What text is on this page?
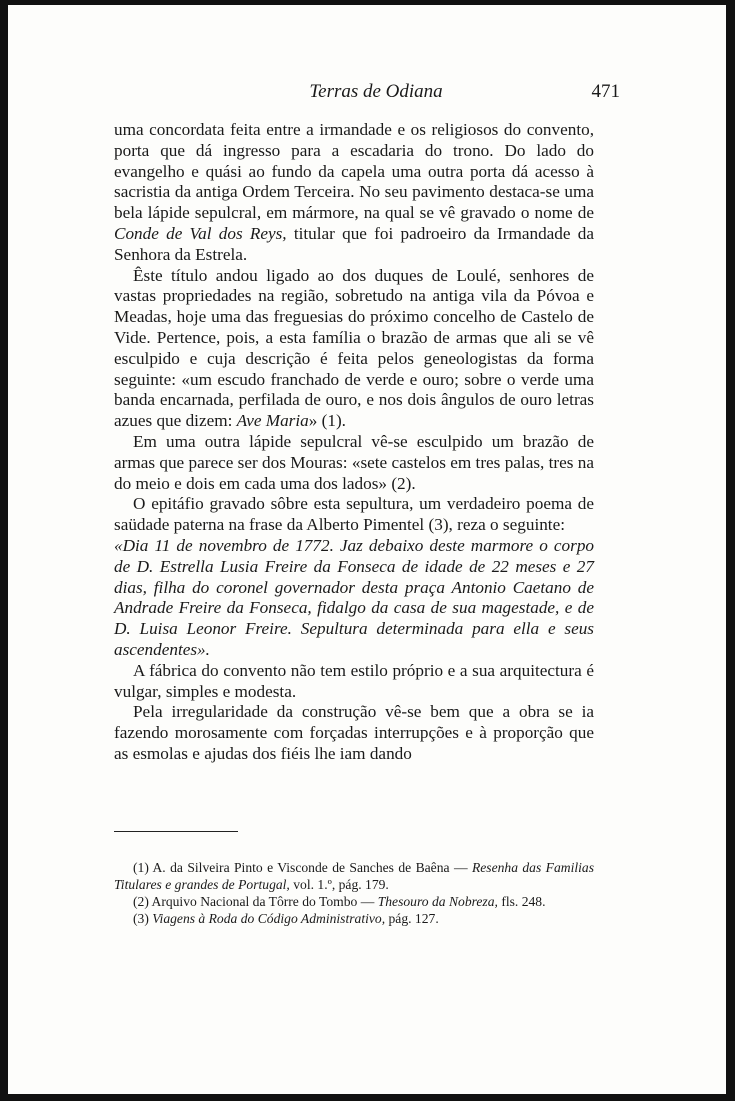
Terras de Odiana	471

uma concordata feita entre a irmandade e os religiosos do convento, porta que dá ingresso para a escadaria do trono. Do lado do evangelho e quási ao fundo da capela uma outra porta dá acesso à sacristia da antiga Ordem Terceira. No seu pavimento destaca-se uma bela lápide sepulcral, em mármore, na qual se vê gravado o nome de Conde de Val dos Reys, titular que foi padroeiro da Irmandade da Senhora da Estrela.

Êste título andou ligado ao dos duques de Loulé, senhores de vastas propriedades na região, sobretudo na antiga vila da Póvoa e Meadas, hoje uma das freguesias do próximo concelho de Castelo de Vide. Pertence, pois, a esta família o brazão de armas que ali se vê esculpido e cuja descrição é feita pelos geneologistas da forma seguinte: «um escudo franchado de verde e ouro; sobre o verde uma banda encarnada, perfilada de ouro, e nos dois ângulos de ouro letras azues que dizem: Ave Maria» (1).

Em uma outra lápide sepulcral vê-se esculpido um brazão de armas que parece ser dos Mouras: «sete castelos em tres palas, tres na do meio e dois em cada uma dos lados» (2).

O epitáfio gravado sôbre esta sepultura, um verdadeiro poema de saüdade paterna na frase da Alberto Pimentel (3), reza o seguinte:

«Dia 11 de novembro de 1772. Jaz debaixo deste marmore o corpo de D. Estrella Lusia Freire da Fonseca de idade de 22 meses e 27 dias, filha do coronel governador desta praça Antonio Caetano de Andrade Freire da Fonseca, fidalgo da casa de sua magestade, e de D. Luisa Leonor Freire. Sepultura determinada para ella e seus ascendentes».

A fábrica do convento não tem estilo próprio e a sua arquitectura é vulgar, simples e modesta.

Pela irregularidade da construção vê-se bem que a obra se ia fazendo morosamente com forçadas interrupções e à proporção que as esmolas e ajudas dos fiéis lhe iam dando

(1) A. da Silveira Pinto e Visconde de Sanches de Baêna — Resenha das Familias Titulares e grandes de Portugal, vol. 1.º, pág. 179.

(2) Arquivo Nacional da Tôrre do Tombo — Thesouro da Nobreza, fls. 248.

(3) Viagens à Roda do Código Administrativo, pág. 127.
